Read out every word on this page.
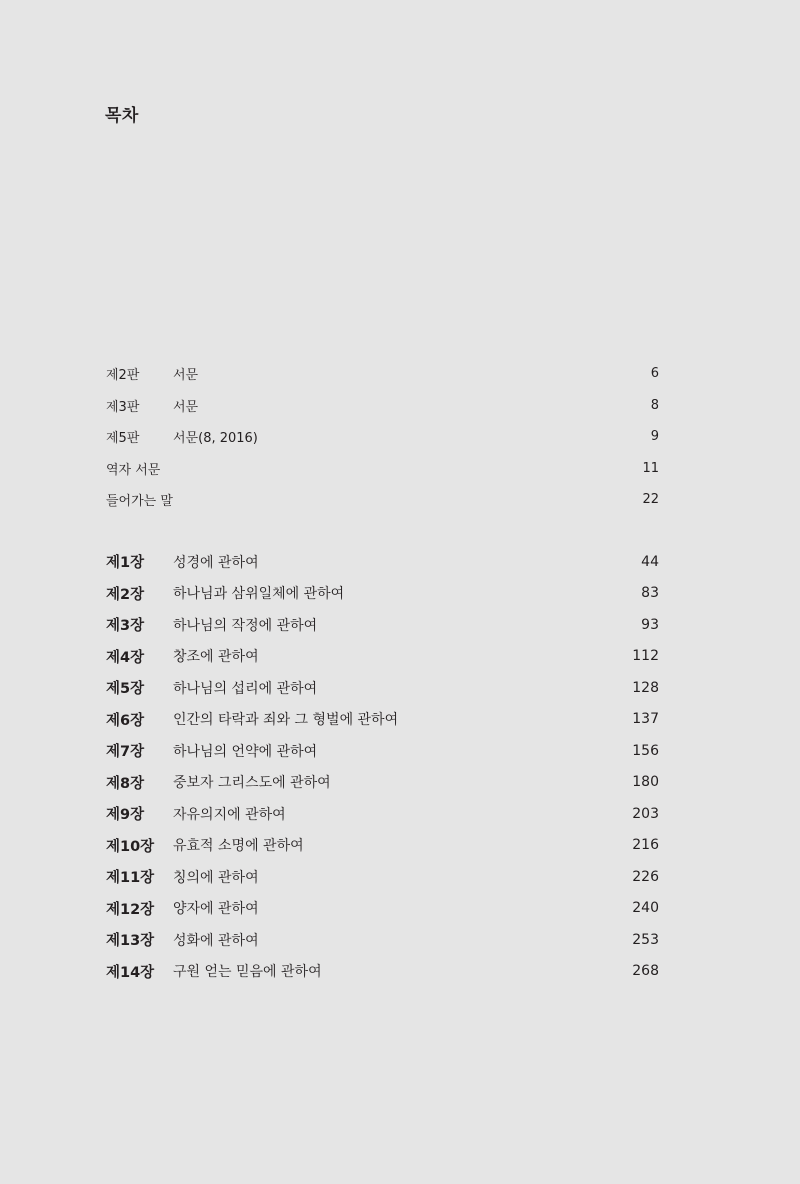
목차
제2판	서문	6
제3판	서문	8
제5판	서문(8, 2016)	9
역자 서문	11
들어가는 말	22
제1장	성경에 관하여	44
제2장	하나님과 삼위일체에 관하여	83
제3장	하나님의 작정에 관하여	93
제4장	창조에 관하여	112
제5장	하나님의 섭리에 관하여	128
제6장	인간의 타락과 죄와 그 형벌에 관하여	137
제7장	하나님의 언약에 관하여	156
제8장	중보자 그리스도에 관하여	180
제9장	자유의지에 관하여	203
제10장	유효적 소명에 관하여	216
제11장	칭의에 관하여	226
제12장	양자에 관하여	240
제13장	성화에 관하여	253
제14장	구원 얻는 믿음에 관하여	268
